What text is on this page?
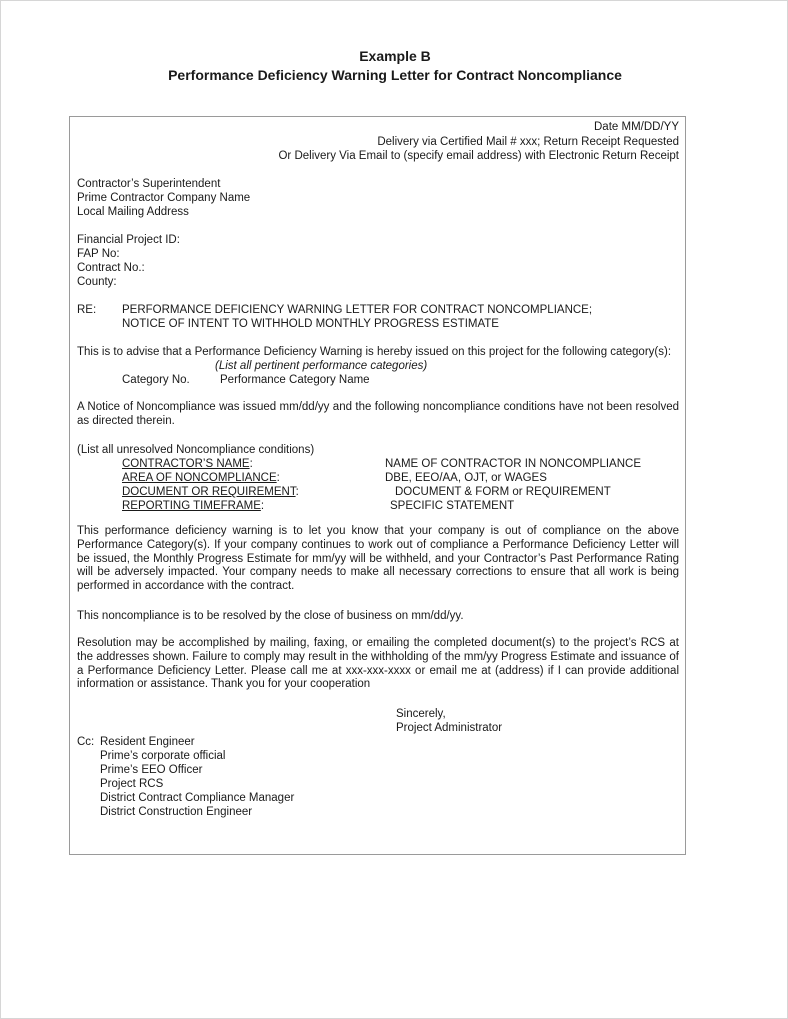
Example B
Performance Deficiency Warning Letter for Contract Noncompliance
Date MM/DD/YY
Delivery via Certified Mail # xxx; Return Receipt Requested
Or Delivery Via Email to (specify email address) with Electronic Return Receipt
Contractor’s Superintendent
Prime Contractor Company Name
Local Mailing Address
Financial Project ID:
FAP No:
Contract No.:
County:
RE: PERFORMANCE DEFICIENCY WARNING LETTER FOR CONTRACT NONCOMPLIANCE;
NOTICE OF INTENT TO WITHHOLD MONTHLY PROGRESS ESTIMATE
This is to advise that a Performance Deficiency Warning is hereby issued on this project for the following category(s):
(List all pertinent performance categories)
Category No.	Performance Category Name
A Notice of Noncompliance was issued mm/dd/yy and the following noncompliance conditions have not been resolved as directed therein.
(List all unresolved Noncompliance conditions)
CONTRACTOR’S NAME:	NAME OF CONTRACTOR IN NONCOMPLIANCE
AREA OF NONCOMPLIANCE:	DBE, EEO/AA, OJT, or WAGES
DOCUMENT OR REQUIREMENT:	DOCUMENT & FORM or REQUIREMENT
REPORTING TIMEFRAME:	SPECIFIC STATEMENT
This performance deficiency warning is to let you know that your company is out of compliance on the above Performance Category(s). If your company continues to work out of compliance a Performance Deficiency Letter will be issued, the Monthly Progress Estimate for mm/yy will be withheld, and your Contractor’s Past Performance Rating will be adversely impacted. Your company needs to make all necessary corrections to ensure that all work is being performed in accordance with the contract.
This noncompliance is to be resolved by the close of business on mm/dd/yy.
Resolution may be accomplished by mailing, faxing, or emailing the completed document(s) to the project’s RCS at the addresses shown. Failure to comply may result in the withholding of the mm/yy Progress Estimate and issuance of a Performance Deficiency Letter. Please call me at xxx-xxx-xxxx or email me at (address) if I can provide additional information or assistance. Thank you for your cooperation
Sincerely,
Project Administrator
Cc: Resident Engineer
Prime’s corporate official
Prime’s EEO Officer
Project RCS
District Contract Compliance Manager
District Construction Engineer
